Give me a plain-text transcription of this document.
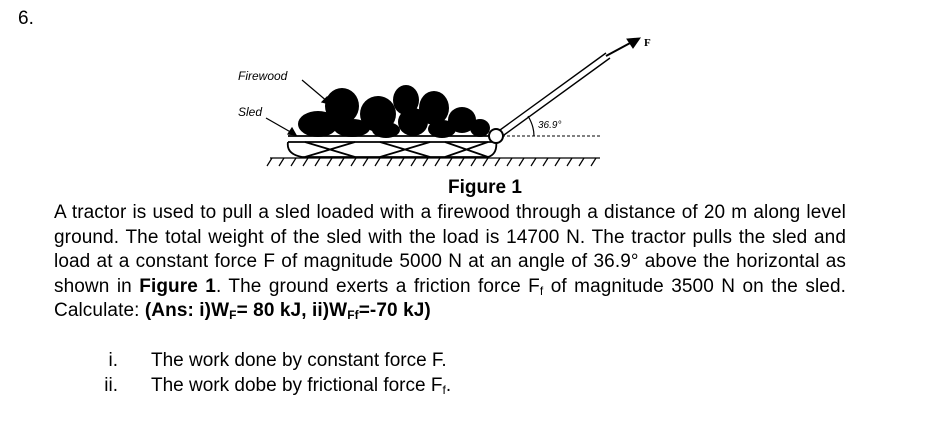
6.
Firewood
Sled
36.9°
F
Figure 1
A tractor is used to pull a sled loaded with a firewood through a distance of 20 m along level ground. The total weight of the sled with the load is 14700 N. The tractor pulls the sled and load at a constant force F of magnitude 5000 N at an angle of 36.9° above the horizontal as shown in Figure 1. The ground exerts a friction force $F_f$ of magnitude 3500 N on the sled. Calculate: (Ans: $i)W_F= 80$ kJ, $ii)W_{Ff}=-70$ kJ)
i. The work done by constant force F.
ii. The work dobe by frictional force $F_f$.
